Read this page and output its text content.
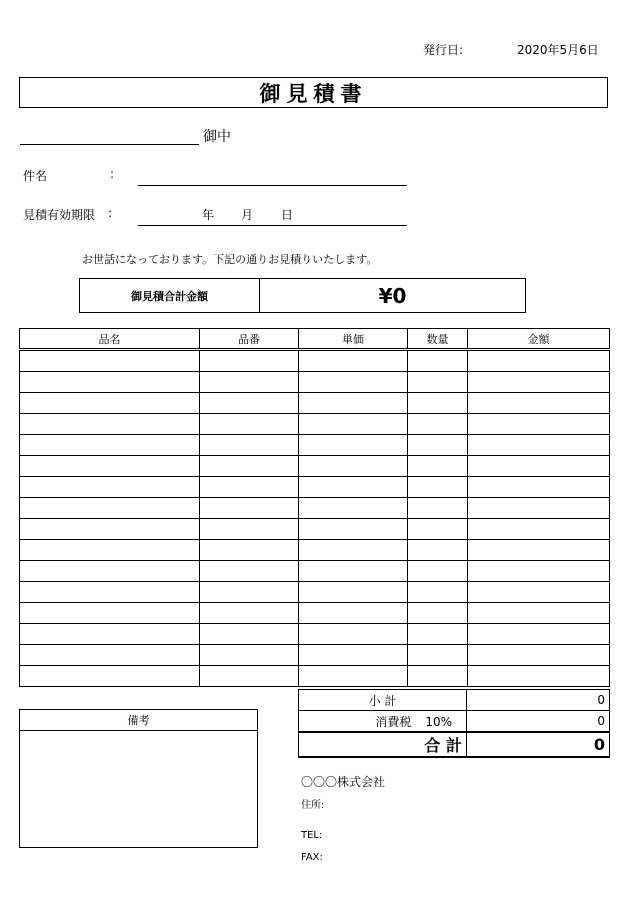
発行日:	2020年5月6日
御見積書
御中
件名	:
見積有効期限 :	年 月 日
お世話になっております。下記の通りお見積りいたします。
御見積合計金額	¥0
品名	品番	単価	数量	金額

小 計	0
消費税 10%	0
合 計	0
備考
〇〇〇株式会社
住所:
TEL:
FAX:
